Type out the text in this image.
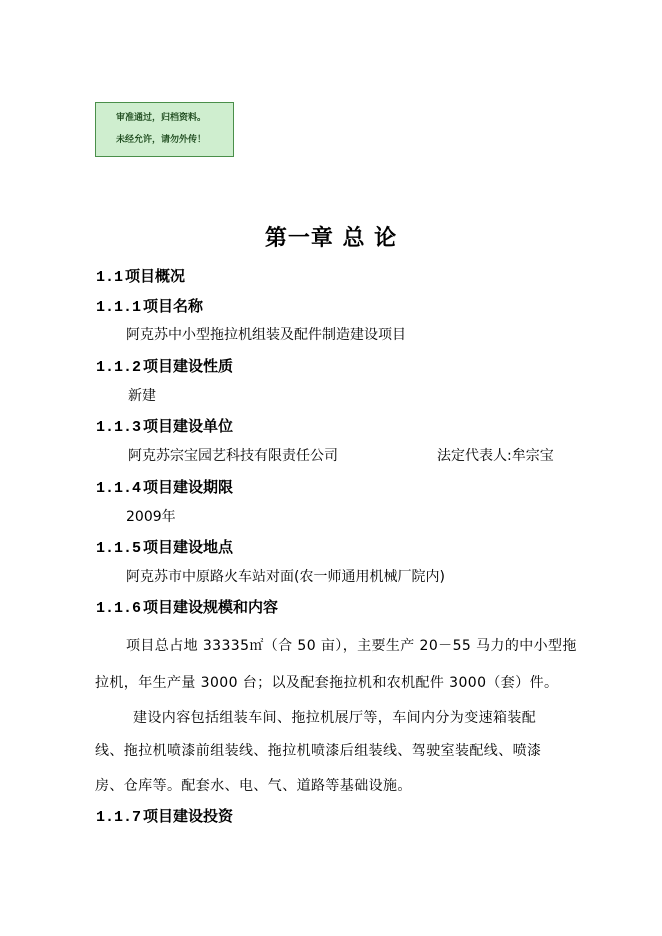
审准通过，归档资料。
未经允许，请勿外传！
第一章 总 论
1.1 项目概况
1.1.1 项目名称
阿克苏中小型拖拉机组装及配件制造建设项目
1.1.2 项目建设性质
新建
1.1.3 项目建设单位
阿克苏宗宝园艺科技有限责任公司	法定代表人:牟宗宝
1.1.4 项目建设期限
2009年
1.1.5 项目建设地点
阿克苏市中原路火车站对面(农一师通用机械厂院内)
1.1.6 项目建设规模和内容
项目总占地 33335㎡（合 50 亩），主要生产 20－55 马力的中小型拖
拉机，年生产量 3000 台；以及配套拖拉机和农机配件 3000（套）件。
建设内容包括组装车间、拖拉机展厅等，车间内分为变速箱装配
线、拖拉机喷漆前组装线、拖拉机喷漆后组装线、驾驶室装配线、喷漆
房、仓库等。配套水、电、气、道路等基础设施。
1.1.7 项目建设投资
